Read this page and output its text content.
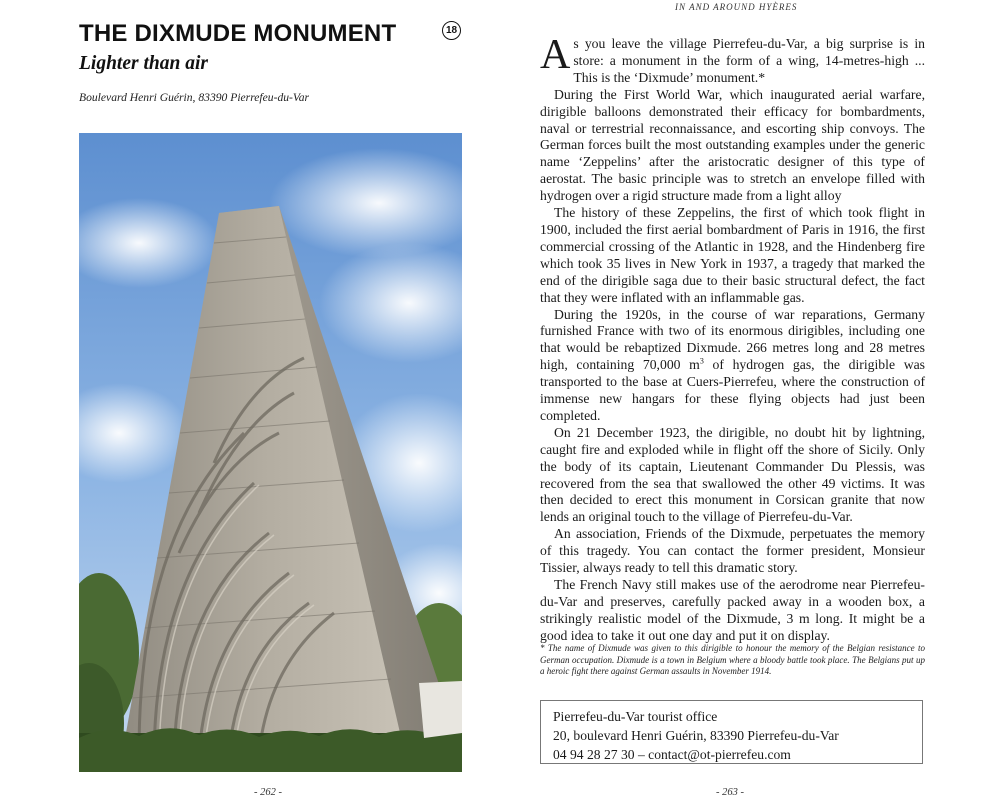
THE DIXMUDE MONUMENT	18
Lighter than air

Boulevard Henri Guérin, 83390 Pierrefeu-du-Var

- 262 -
IN AND AROUND HYÈRES

As you leave the village Pierrefeu-du-Var, a big surprise is in store: a monument in the form of a wing, 14-metres-high ... This is the ‘Dixmude’ monument.*

During the First World War, which inaugurated aerial warfare, dirigible balloons demonstrated their efficacy for bombardments, naval or terrestrial reconnaissance, and escorting ship convoys. The German forces built the most outstanding examples under the generic name ‘Zeppelins’ after the aristocratic designer of this type of aerostat. The basic principle was to stretch an envelope filled with hydrogen over a rigid structure made from a light alloy

The history of these Zeppelins, the first of which took flight in 1900, included the first aerial bombardment of Paris in 1916, the first commercial crossing of the Atlantic in 1928, and the Hindenberg fire which took 35 lives in New York in 1937, a tragedy that marked the end of the dirigible saga due to their basic structural defect, the fact that they were inflated with an inflammable gas.

During the 1920s, in the course of war reparations, Germany furnished France with two of its enormous dirigibles, including one that would be rebaptized Dixmude. 266 metres long and 28 metres high, containing 70,000 $m^3$ of hydrogen gas, the dirigible was transported to the base at Cuers-Pierrefeu, where the construction of immense new hangars for these flying objects had just been completed.

On 21 December 1923, the dirigible, no doubt hit by lightning, caught fire and exploded while in flight off the shore of Sicily. Only the body of its captain, Lieutenant Commander Du Plessis, was recovered from the sea that swallowed the other 49 victims. It was then decided to erect this monument in Corsican granite that now lends an original touch to the village of Pierrefeu-du-Var.

An association, Friends of the Dixmude, perpetuates the memory of this tragedy. You can contact the former president, Monsieur Tissier, always ready to tell this dramatic story.

The French Navy still makes use of the aerodrome near Pierrefeu-du-Var and preserves, carefully packed away in a wooden box, a strikingly realistic model of the Dixmude, 3 m long. It might be a good idea to take it out one day and put it on display.

* The name of Dixmude was given to this dirigible to honour the memory of the Belgian resistance to German occupation. Dixmude is a town in Belgium where a bloody battle took place. The Belgians put up a heroic fight there against German assaults in November 1914.
Pierrefeu-du-Var tourist office
20, boulevard Henri Guérin, 83390 Pierrefeu-du-Var
04 94 28 27 30 – contact@ot-pierrefeu.com
- 263 -
